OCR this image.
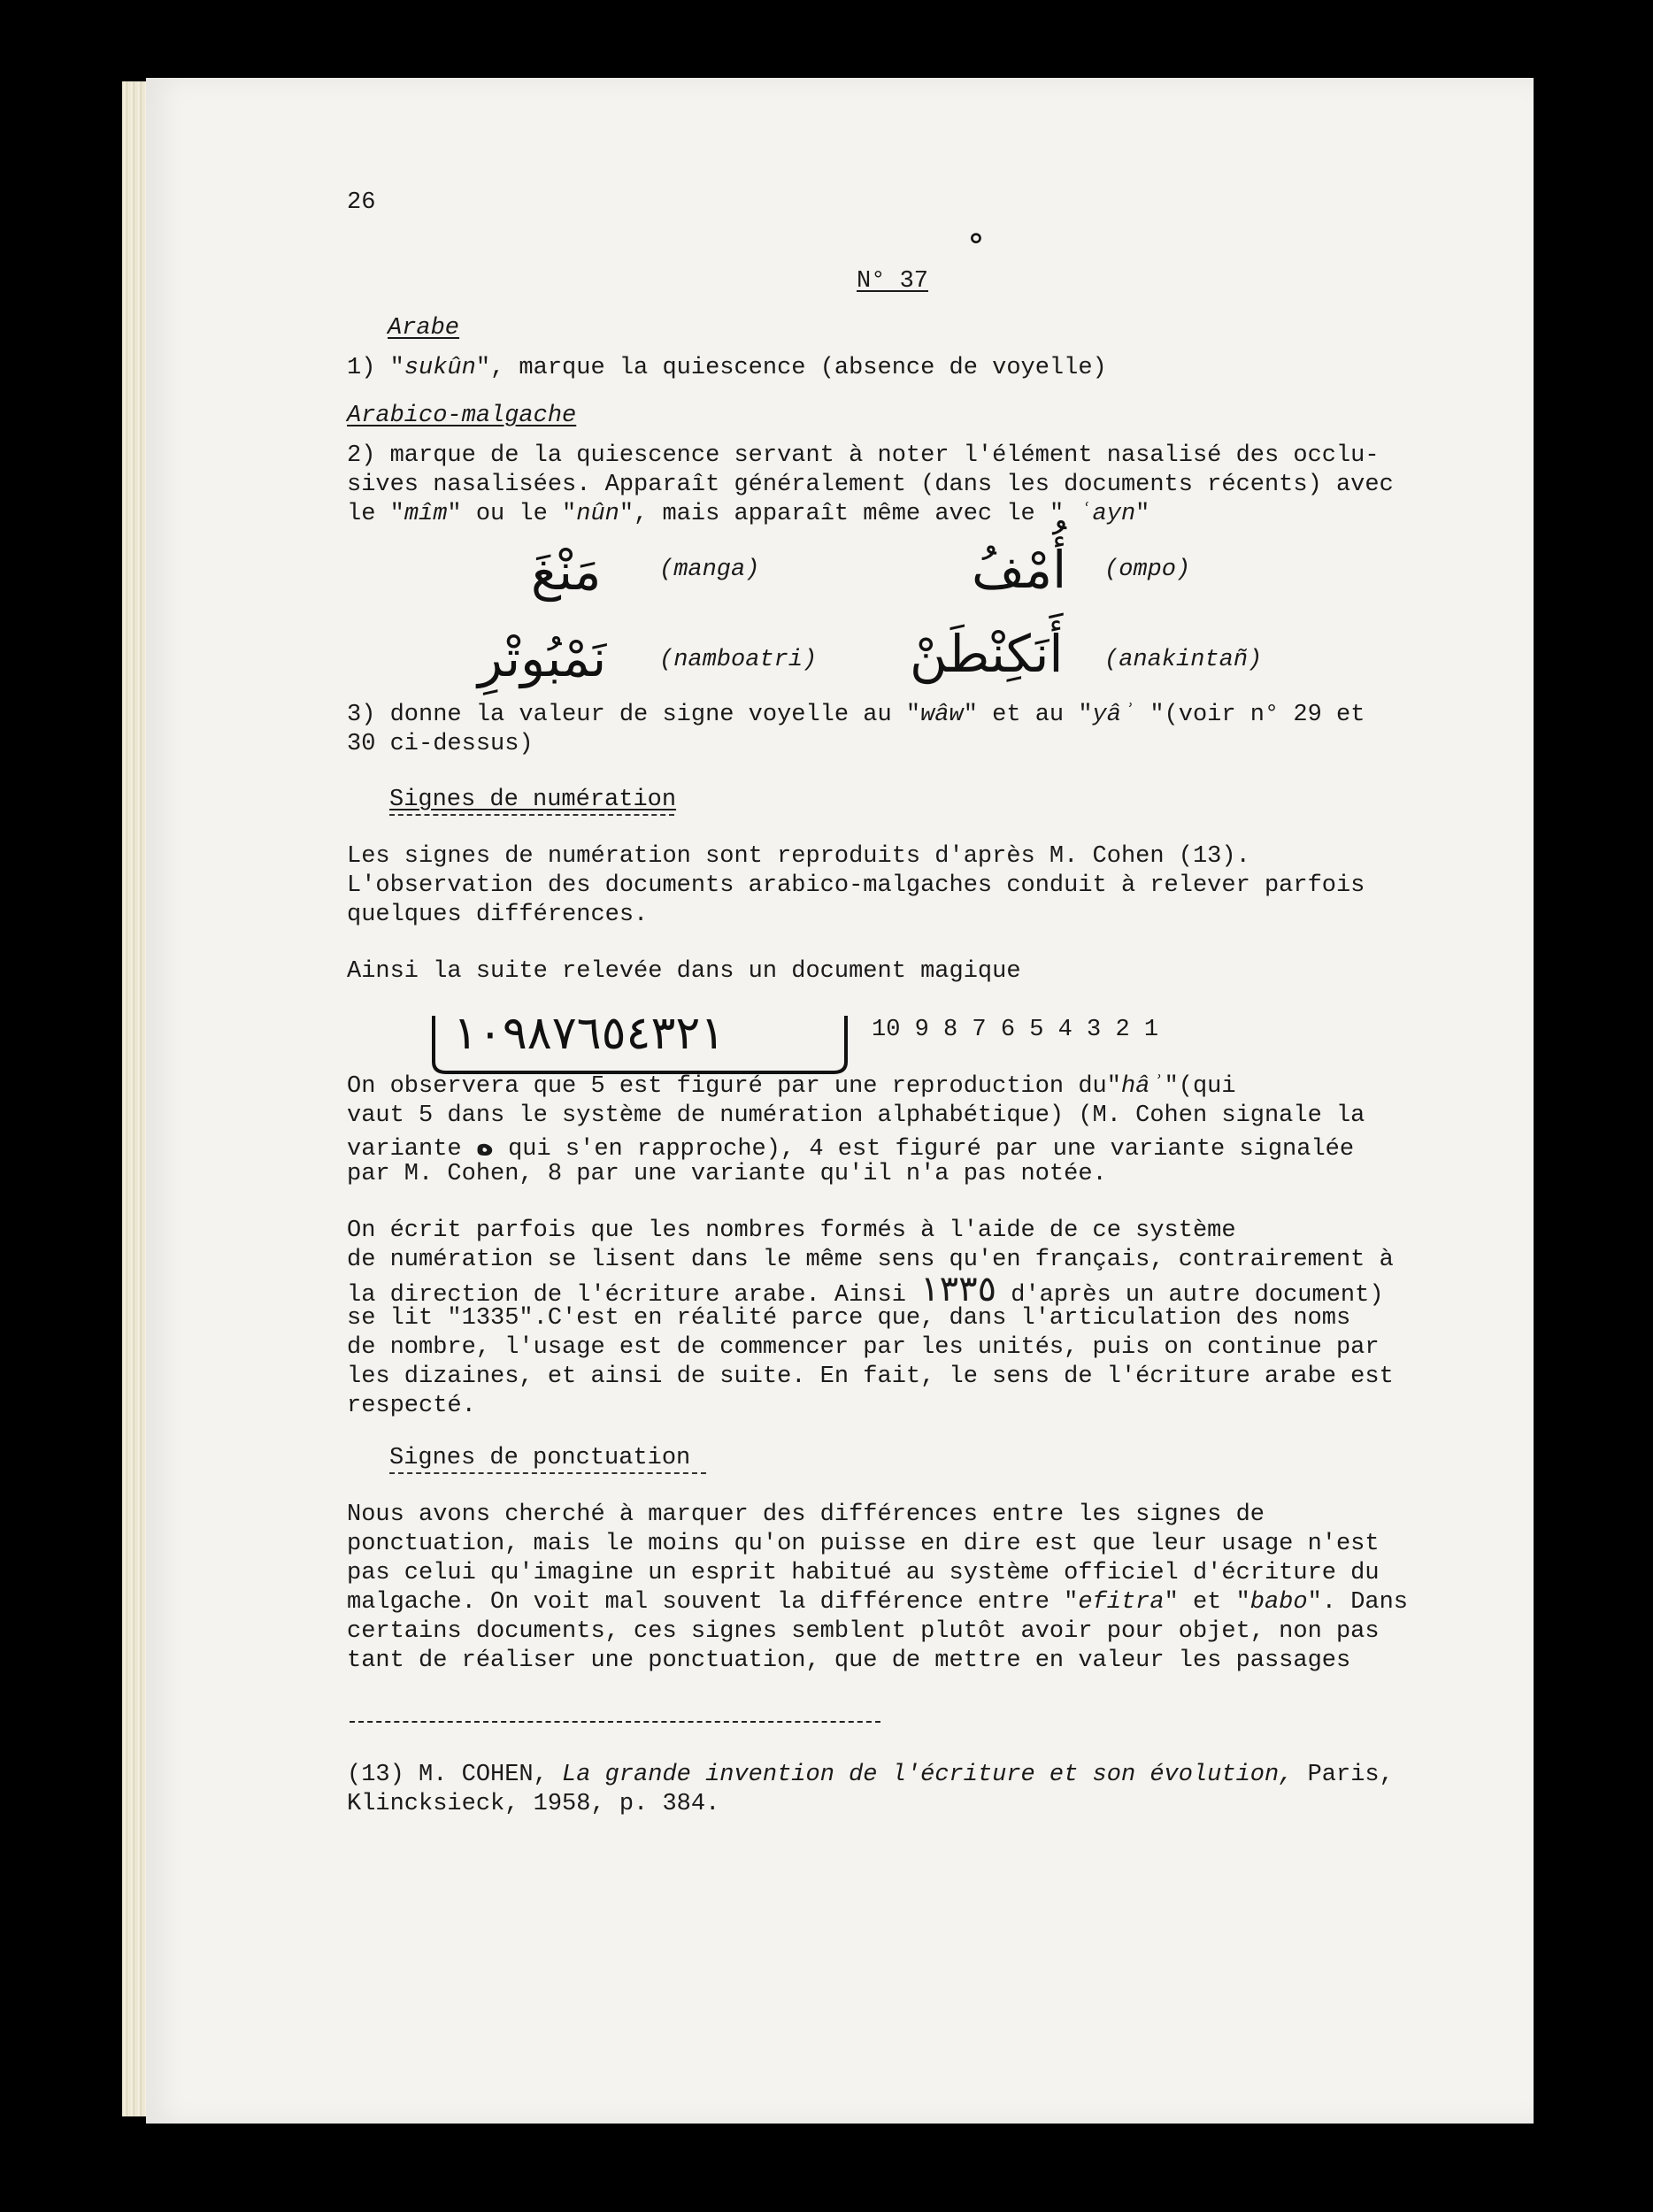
26
N° 37
Arabe
1) "sukûn", marque la quiescence (absence de voyelle)
Arabico-malgache
2) marque de la quiescence servant à noter l'élément nasalisé des occlu-
sives nasalisées. Apparaît généralement (dans les documents récents) avec
le "mîm" ou le "nûn", mais apparaît même avec le " ʿayn"
مَنْغَ (manga)	أُمْفُ (ompo)
نَمْبُوتْرِ (namboatri) أَنَكِنْطَنْ (anakintañ)
3) donne la valeur de signe voyelle au "wâw" et au "yâʾ "(voir n° 29 et
30 ci-dessus)
Signes de numération
Les signes de numération sont reproduits d'après M. Cohen (13).
L'observation des documents arabico-malgaches conduit à relever parfois
quelques différences.
Ainsi la suite relevée dans un document magique
١٠٩٨٧٦٥٤٣٢١	10 9 8 7 6 5 4 3 2 1
On observera que 5 est figuré par une reproduction du"hâʾ"(qui
vaut 5 dans le système de numération alphabétique) (M. Cohen signale la
variante ه qui s'en rapproche), 4 est figuré par une variante signalée
par M. Cohen, 8 par une variante qu'il n'a pas notée.
On écrit parfois que les nombres formés à l'aide de ce système
de numération se lisent dans le même sens qu'en français, contrairement à
la direction de l'écriture arabe. Ainsi ١٣٣٥ d'après un autre document)
se lit "1335".C'est en réalité parce que, dans l'articulation des noms
de nombre, l'usage est de commencer par les unités, puis on continue par
les dizaines, et ainsi de suite. En fait, le sens de l'écriture arabe est
respecté.
Signes de ponctuation
Nous avons cherché à marquer des différences entre les signes de
ponctuation, mais le moins qu'on puisse en dire est que leur usage n'est
pas celui qu'imagine un esprit habitué au système officiel d'écriture du
malgache. On voit mal souvent la différence entre "efitra" et "babo". Dans
certains documents, ces signes semblent plutôt avoir pour objet, non pas
tant de réaliser une ponctuation, que de mettre en valeur les passages
(13) M. COHEN, La grande invention de l'écriture et son évolution, Paris,
Klincksieck, 1958, p. 384.
